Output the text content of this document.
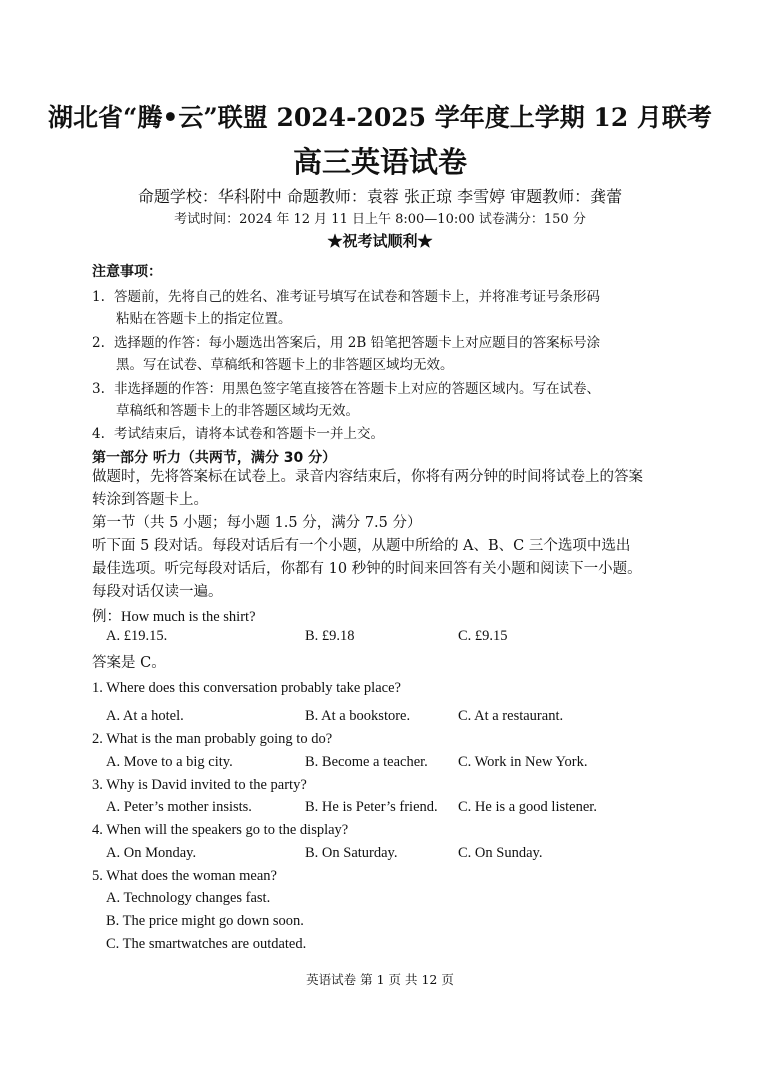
湖北省“腾•云”联盟 2024-2025 学年度上学期 12 月联考
高三英语试卷
命题学校：华科附中 命题教师：袁蓉 张正琼 李雪婷 审题教师：龚蕾
考试时间：2024 年 12 月 11 日上午 8:00—10:00 试卷满分：150 分
★祝考试顺利★
注意事项：
1. 答题前，先将自己的姓名、准考证号填写在试卷和答题卡上，并将准考证号条形码
粘贴在答题卡上的指定位置。
2. 选择题的作答：每小题选出答案后，用 2B 铅笔把答题卡上对应题目的答案标号涂
黑。写在试卷、草稿纸和答题卡上的非答题区域均无效。
3. 非选择题的作答：用黑色签字笔直接答在答题卡上对应的答题区域内。写在试卷、
草稿纸和答题卡上的非答题区域均无效。
4. 考试结束后，请将本试卷和答题卡一并上交。
第一部分 听力（共两节，满分 30 分）
做题时，先将答案标在试卷上。录音内容结束后，你将有两分钟的时间将试卷上的答案
转涂到答题卡上。
第一节（共 5 小题；每小题 1.5 分，满分 7.5 分）
听下面 5 段对话。每段对话后有一个小题，从题中所给的 A、B、C 三个选项中选出
最佳选项。听完每段对话后，你都有 10 秒钟的时间来回答有关小题和阅读下一小题。
每段对话仅读一遍。
例：How much is the shirt?
A. £19.15.	B. £9.18	C. £9.15
答案是 C。
1. Where does this conversation probably take place?
A. At a hotel.	B. At a bookstore.	C. At a restaurant.
2. What is the man probably going to do?
A. Move to a big city.	B. Become a teacher. C. Work in New York.
3. Why is David invited to the party?
A. Peter’s mother insists.	B. He is Peter’s friend. C. He is a good listener.
4. When will the speakers go to the display?
A. On Monday.	B. On Saturday.	C. On Sunday.
5. What does the woman mean?
A. Technology changes fast.
B. The price might go down soon.
C. The smartwatches are outdated.
英语试卷 第 1 页 共 12 页
